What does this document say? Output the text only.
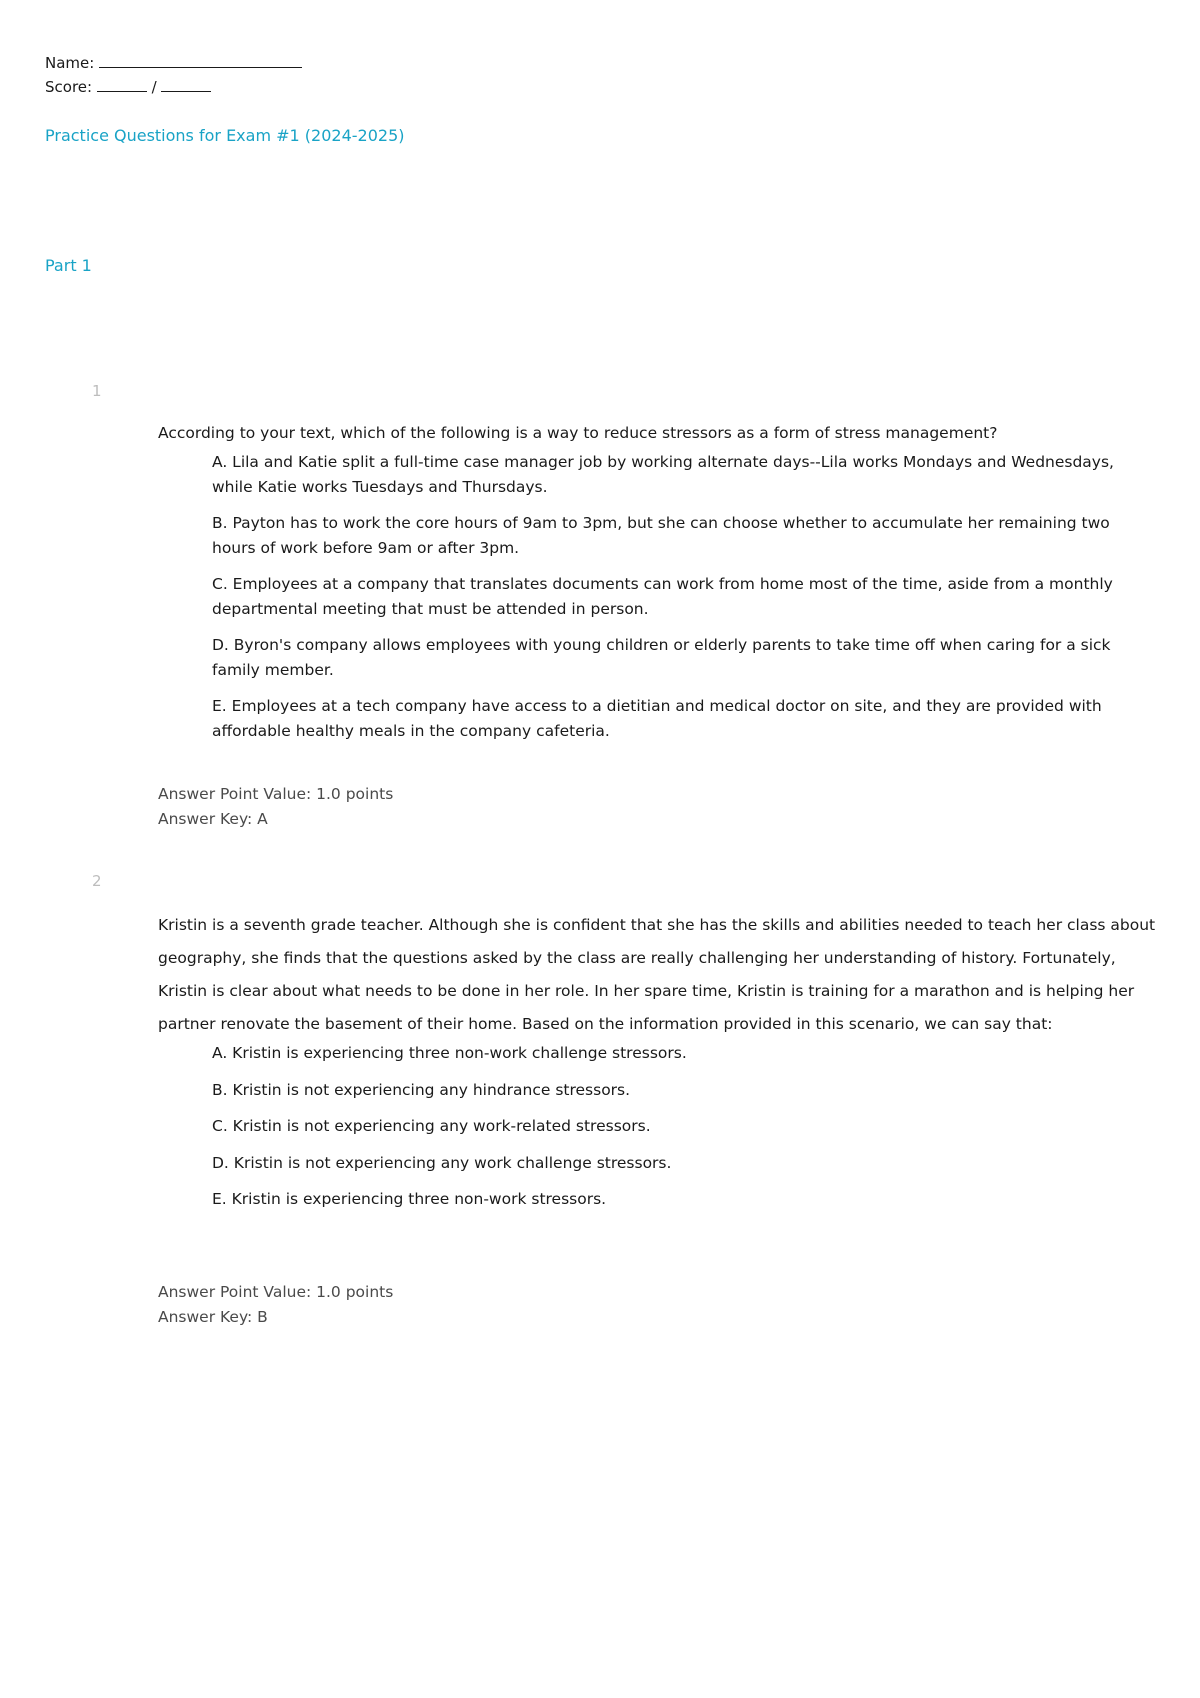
Name:
Score:	/
Practice Questions for Exam #1 (2024-2025)
Part 1
1

According to your text, which of the following is a way to reduce stressors as a form of stress management?

A. Lila and Katie split a full-time case manager job by working alternate days--Lila works Mondays and Wednesdays, while Katie works Tuesdays and Thursdays.
B. Payton has to work the core hours of 9am to 3pm, but she can choose whether to accumulate her remaining two hours of work before 9am or after 3pm.
C. Employees at a company that translates documents can work from home most of the time, aside from a monthly departmental meeting that must be attended in person.
D. Byron's company allows employees with young children or elderly parents to take time off when caring for a sick family member.
E. Employees at a tech company have access to a dietitian and medical doctor on site, and they are provided with affordable healthy meals in the company cafeteria.
Answer Point Value: 1.0 points
Answer Key: A
2

Kristin is a seventh grade teacher. Although she is confident that she has the skills and abilities needed to teach her class about geography, she finds that the questions asked by the class are really challenging her understanding of history. Fortunately, Kristin is clear about what needs to be done in her role. In her spare time, Kristin is training for a marathon and is helping her partner renovate the basement of their home. Based on the information provided in this scenario, we can say that:

A. Kristin is experiencing three non-work challenge stressors.
B. Kristin is not experiencing any hindrance stressors.
C. Kristin is not experiencing any work-related stressors.
D. Kristin is not experiencing any work challenge stressors.
E. Kristin is experiencing three non-work stressors.
Answer Point Value: 1.0 points
Answer Key: B
